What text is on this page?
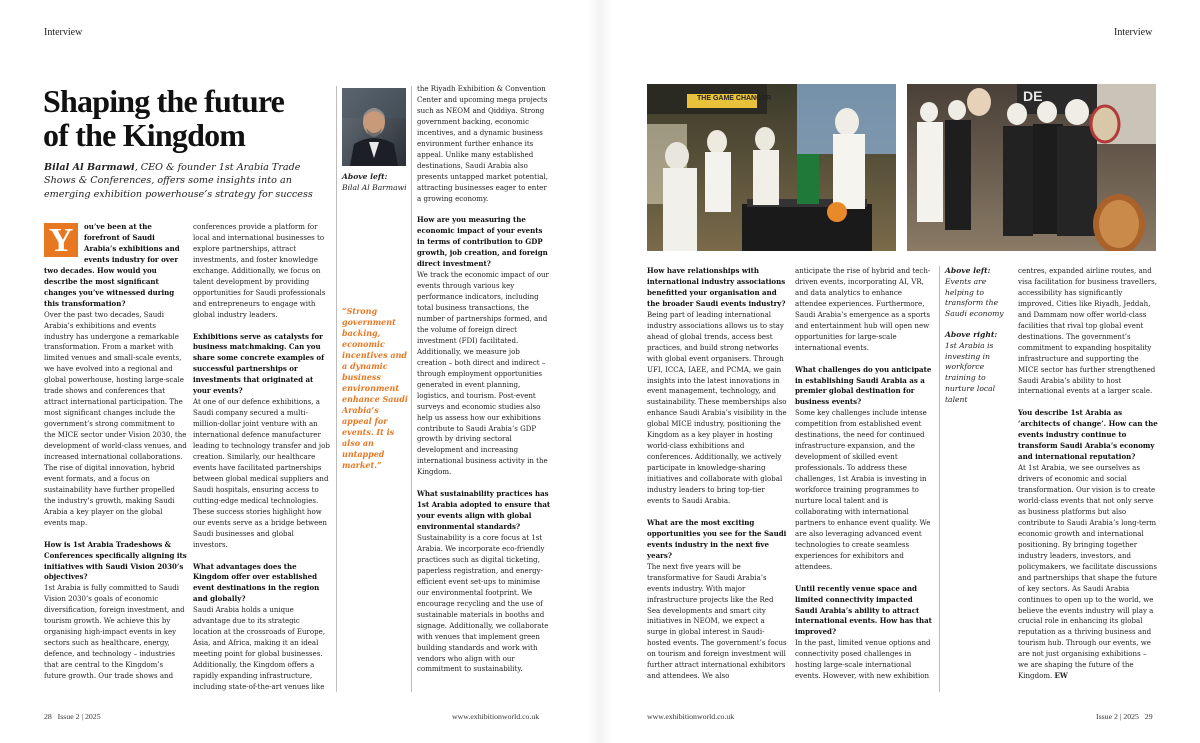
Interview	Interview
Shaping the future
of the Kingdom
Bilal Al Barmawi, CEO & founder 1st Arabia Trade Shows & Conferences, offers some insights into an emerging exhibition powerhouse’s strategy for success
Above left:
Bilal Al Barmawi
“Strong government backing, economic incentives and a dynamic business environment enhance Saudi Arabia’s appeal for events. It is also an untapped market.”
Y	ou’ve been at the forefront of Saudi Arabia’s exhibitions and events industry for over two decades. How would you describe the most significant changes you’ve witnessed during this transformation?

Over the past two decades, Saudi Arabia’s exhibitions and events industry has undergone a remarkable transformation. From a market with limited venues and small-scale events, we have evolved into a regional and global powerhouse, hosting large-scale trade shows and conferences that attract international participation. The most significant changes include the government’s strong commitment to the MICE sector under Vision 2030, the development of world-class venues, and increased international collaborations. The rise of digital innovation, hybrid event formats, and a focus on sustainability have further propelled the industry’s growth, making Saudi Arabia a key player on the global events map.

How is 1st Arabia Tradeshows & Conferences specifically aligning its initiatives with Saudi Vision 2030’s objectives?

1st Arabia is fully committed to Saudi Vision 2030’s goals of economic diversification, foreign investment, and tourism growth. We achieve this by organising high-impact events in key sectors such as healthcare, energy, defence, and technology – industries that are central to the Kingdom’s future growth. Our trade shows and

conferences provide a platform for local and international businesses to explore partnerships, attract investments, and foster knowledge exchange. Additionally, we focus on talent development by providing opportunities for Saudi professionals and entrepreneurs to engage with global industry leaders.

Exhibitions serve as catalysts for business matchmaking. Can you share some concrete examples of successful partnerships or investments that originated at your events?

At one of our defence exhibitions, a Saudi company secured a multi-million-dollar joint venture with an international defence manufacturer leading to technology transfer and job creation. Similarly, our healthcare events have facilitated partnerships between global medical suppliers and Saudi hospitals, ensuring access to cutting-edge medical technologies. These success stories highlight how our events serve as a bridge between Saudi businesses and global investors.

What advantages does the Kingdom offer over established event destinations in the region and globally?

Saudi Arabia holds a unique advantage due to its strategic location at the crossroads of Europe, Asia, and Africa, making it an ideal meeting point for global businesses. Additionally, the Kingdom offers a rapidly expanding infrastructure, including state-of-the-art venues like

the Riyadh Exhibition & Convention Center and upcoming mega projects such as NEOM and Qiddiya. Strong government backing, economic incentives, and a dynamic business environment further enhance its appeal. Unlike many established destinations, Saudi Arabia also presents untapped market potential, attracting businesses eager to enter a growing economy.

How are you measuring the economic impact of your events in terms of contribution to GDP growth, job creation, and foreign direct investment?

We track the economic impact of our events through various key performance indicators, including total business transactions, the number of partnerships formed, and the volume of foreign direct investment (FDI) facilitated. Additionally, we measure job creation – both direct and indirect – through employment opportunities generated in event planning, logistics, and tourism. Post-event surveys and economic studies also help us assess how our exhibitions contribute to Saudi Arabia’s GDP growth by driving sectoral development and increasing international business activity in the Kingdom.

What sustainability practices has 1st Arabia adopted to ensure that your events align with global environmental standards?

Sustainability is a core focus at 1st Arabia. We incorporate eco-friendly practices such as digital ticketing, paperless registration, and energy-efficient event set-ups to minimise our environmental footprint. We encourage recycling and the use of sustainable materials in booths and signage. Additionally, we collaborate with venues that implement green building standards and work with vendors who align with our commitment to sustainability.

THE GAME CHANGER	DE

How have relationships with international industry associations benefitted your organisation and the broader Saudi events industry?

Being part of leading international industry associations allows us to stay ahead of global trends, access best practices, and build strong networks with global event organisers. Through UFI, ICCA, IAEE, and PCMA, we gain insights into the latest innovations in event management, technology, and sustainability. These memberships also enhance Saudi Arabia’s visibility in the global MICE industry, positioning the Kingdom as a key player in hosting world-class exhibitions and conferences. Additionally, we actively participate in knowledge-sharing initiatives and collaborate with global industry leaders to bring top-tier events to Saudi Arabia.

What are the most exciting opportunities you see for the Saudi events industry in the next five years?

The next five years will be transformative for Saudi Arabia’s events industry. With major infrastructure projects like the Red Sea developments and smart city initiatives in NEOM, we expect a surge in global interest in Saudi-hosted events. The government’s focus on tourism and foreign investment will further attract international exhibitors and attendees. We also

anticipate the rise of hybrid and tech-driven events, incorporating AI, VR, and data analytics to enhance attendee experiences. Furthermore, Saudi Arabia’s emergence as a sports and entertainment hub will open new opportunities for large-scale international events.

What challenges do you anticipate in establishing Saudi Arabia as a premier global destination for business events?

Some key challenges include intense competition from established event destinations, the need for continued infrastructure expansion, and the development of skilled event professionals. To address these challenges, 1st Arabia is investing in workforce training programmes to nurture local talent and is collaborating with international partners to enhance event quality. We are also leveraging advanced event technologies to create seamless experiences for exhibitors and attendees.

Until recently venue space and limited connectivity impacted Saudi Arabia’s ability to attract international events. How has that improved?

In the past, limited venue options and connectivity posed challenges in hosting large-scale international events. However, with new exhibition

Above left:
Events are helping to transform the Saudi economy
Above right:
1st Arabia is investing in workforce training to nurture local talent

centres, expanded airline routes, and visa facilitation for business travellers, accessibility has significantly improved. Cities like Riyadh, Jeddah, and Dammam now offer world-class facilities that rival top global event destinations. The government’s commitment to expanding hospitality infrastructure and supporting the MICE sector has further strengthened Saudi Arabia’s ability to host international events at a larger scale.

You describe 1st Arabia as ‘architects of change’. How can the events industry continue to transform Saudi Arabia’s economy and international reputation?

At 1st Arabia, we see ourselves as drivers of economic and social transformation. Our vision is to create world-class events that not only serve as business platforms but also contribute to Saudi Arabia’s long-term economic growth and international positioning. By bringing together industry leaders, investors, and policymakers, we facilitate discussions and partnerships that shape the future of key sectors. As Saudi Arabia continues to open up to the world, we believe the events industry will play a crucial role in enhancing its global reputation as a thriving business and tourism hub. Through our events, we are not just organising exhibitions – we are shaping the future of the Kingdom. EW

28 Issue 2 | 2025	www.exhibitionworld.co.uk	www.exhibitionworld.co.uk	Issue 2 | 2025 29
